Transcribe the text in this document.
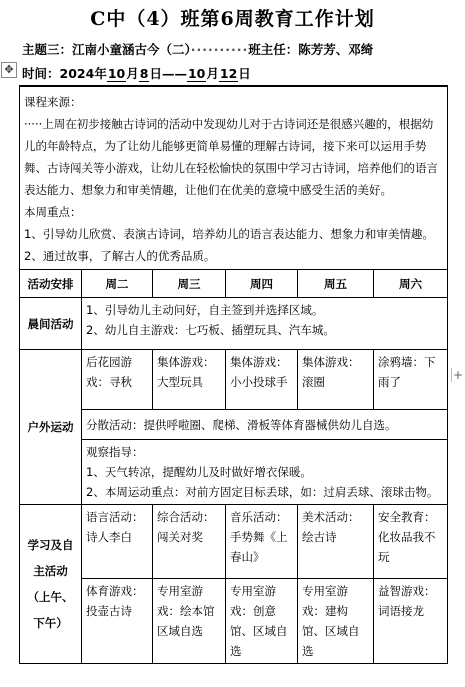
C中（4）班第6周教育工作计划
主题三：江南小童涵古今（二）··········班主任：陈芳芳、邓绮
✥ 时间：2024年10月8日——10月12日
+
课程来源：
·····上周在初步接触古诗词的活动中发现幼儿对于古诗词还是很感兴趣的，根据幼儿的年龄特点，为了让幼儿能够更简单易懂的理解古诗词，接下来可以运用手势舞、古诗闯关等小游戏，让幼儿在轻松愉快的氛围中学习古诗词，培养他们的语言表达能力、想象力和审美情趣，让他们在优美的意境中感受生活的美好。
本周重点：
1、引导幼儿欣赏、表演古诗词，培养幼儿的语言表达能力、想象力和审美情趣。
2、通过故事，了解古人的优秀品质。					

活动安排	周二	周三	周四	周五	周六
晨间活动	1、引导幼儿主动问好，自主签到并选择区域。
2、幼儿自主游戏：七巧板、插塑玩具、汽车城。				

户外运动	后花园游戏：寻秋	集体游戏：大型玩具	集体游戏：小小投球手	集体游戏：滚圈	涂鸦墙：下雨了
	分散活动：提供呼啦圈、爬梯、滑板等体育器械供幼儿自选。				

	观察指导：
1、天气转凉，提醒幼儿及时做好增衣保暖。
2、本周运动重点：对前方固定目标丢球，如：过肩丢球、滚球击物。				

学习及自
主活动
（上午、
下午）	语言活动：诗人李白	综合活动：闯关对奖	音乐活动：手势舞《上春山》	美术活动：绘古诗	安全教育：化妆品我不玩
	体育游戏：投壶古诗	专用室游戏：绘本馆区域自选	专用室游戏：创意馆、区域自选	专用室游戏：建构馆、区域自选	益智游戏：词语接龙
